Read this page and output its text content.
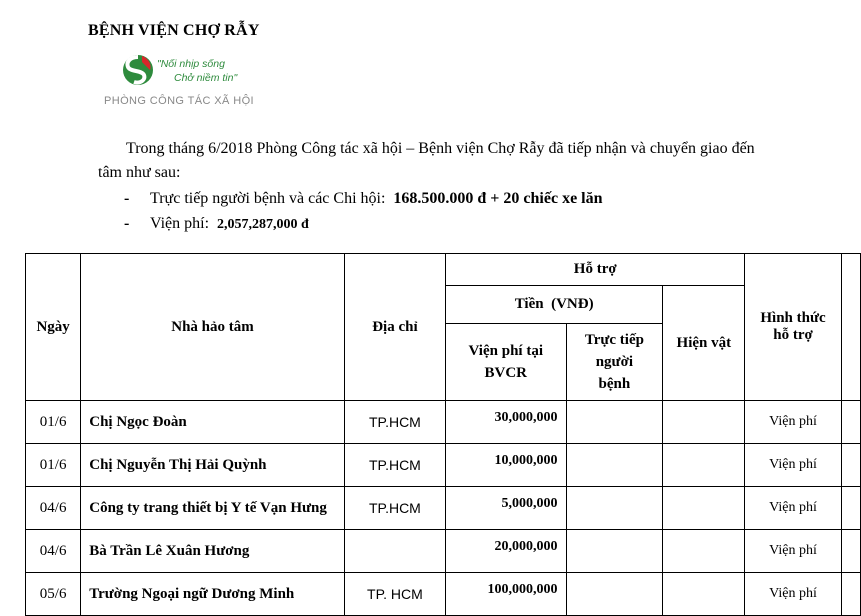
BỆNH VIỆN CHỢ RẪY
"Nối nhịp sống
Chở niềm tin"
PHÒNG CÔNG TÁC XÃ HỘI
Trong tháng 6/2018 Phòng Công tác xã hội – Bệnh viện Chợ Rẫy đã tiếp nhận và chuyển giao đến
tâm như sau:
- Trực tiếp người bệnh và các Chi hội: 168.500.000 đ + 20 chiếc xe lăn
- Viện phí: 2,057,287,000 đ
Ngày	Nhà hảo tâm	Địa chỉ	Hỗ trợ			Hình thức hỗ trợ	
			Tiền  (VNĐ)		Hiện vật		
			Viện phí tại BVCR	Trực tiếp người bệnh			
01/6	Chị Ngọc Đoàn	TP.HCM	30,000,000			Viện phí	
01/6	Chị Nguyễn Thị Hải Quỳnh	TP.HCM	10,000,000			Viện phí	
04/6	Công ty trang thiết bị Y tế Vạn Hưng	TP.HCM	5,000,000			Viện phí	
04/6	Bà Trần Lê Xuân Hương		20,000,000			Viện phí	
05/6	Trường Ngoại ngữ Dương Minh	TP. HCM	100,000,000			Viện phí	
